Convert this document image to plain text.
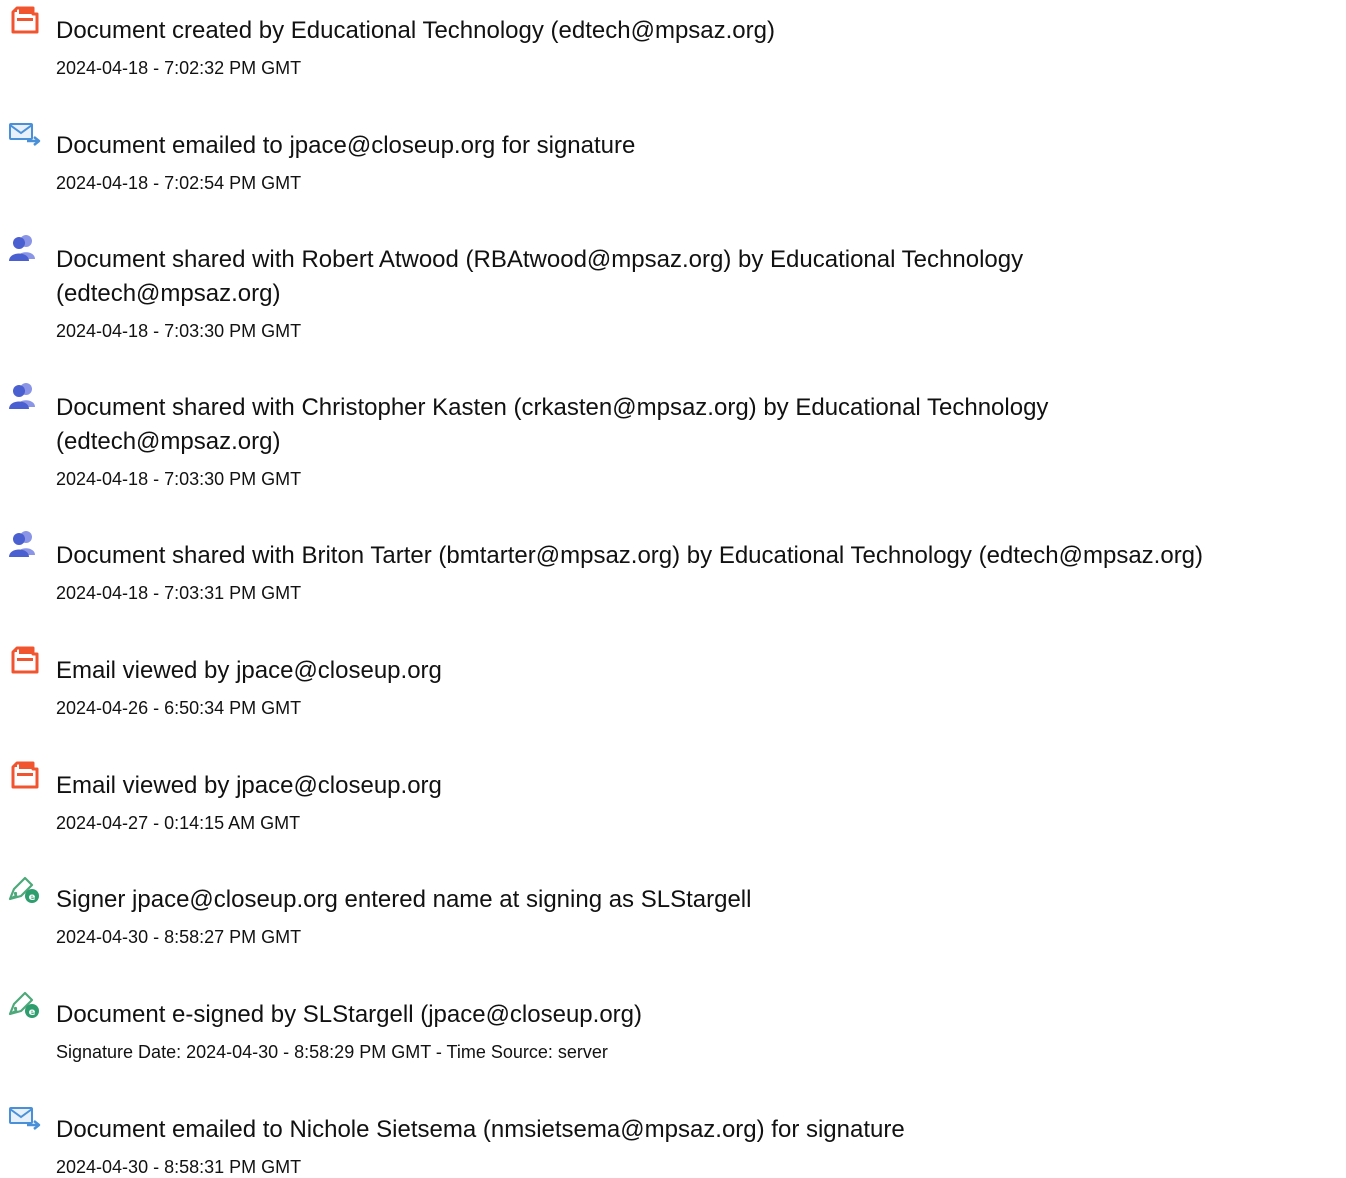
Document created by Educational Technology (edtech@mpsaz.org)
2024-04-18 - 7:02:32 PM GMT
Document emailed to jpace@closeup.org for signature
2024-04-18 - 7:02:54 PM GMT
Document shared with Robert Atwood (RBAtwood@mpsaz.org) by Educational Technology (edtech@mpsaz.org)
2024-04-18 - 7:03:30 PM GMT
Document shared with Christopher Kasten (crkasten@mpsaz.org) by Educational Technology (edtech@mpsaz.org)
2024-04-18 - 7:03:30 PM GMT
Document shared with Briton Tarter (bmtarter@mpsaz.org) by Educational Technology (edtech@mpsaz.org)
2024-04-18 - 7:03:31 PM GMT
Email viewed by jpace@closeup.org
2024-04-26 - 6:50:34 PM GMT
Email viewed by jpace@closeup.org
2024-04-27 - 0:14:15 AM GMT
Signer jpace@closeup.org entered name at signing as SLStargell
2024-04-30 - 8:58:27 PM GMT
Document e-signed by SLStargell (jpace@closeup.org)
Signature Date: 2024-04-30 - 8:58:29 PM GMT - Time Source: server
Document emailed to Nichole Sietsema (nmsietsema@mpsaz.org) for signature
2024-04-30 - 8:58:31 PM GMT
